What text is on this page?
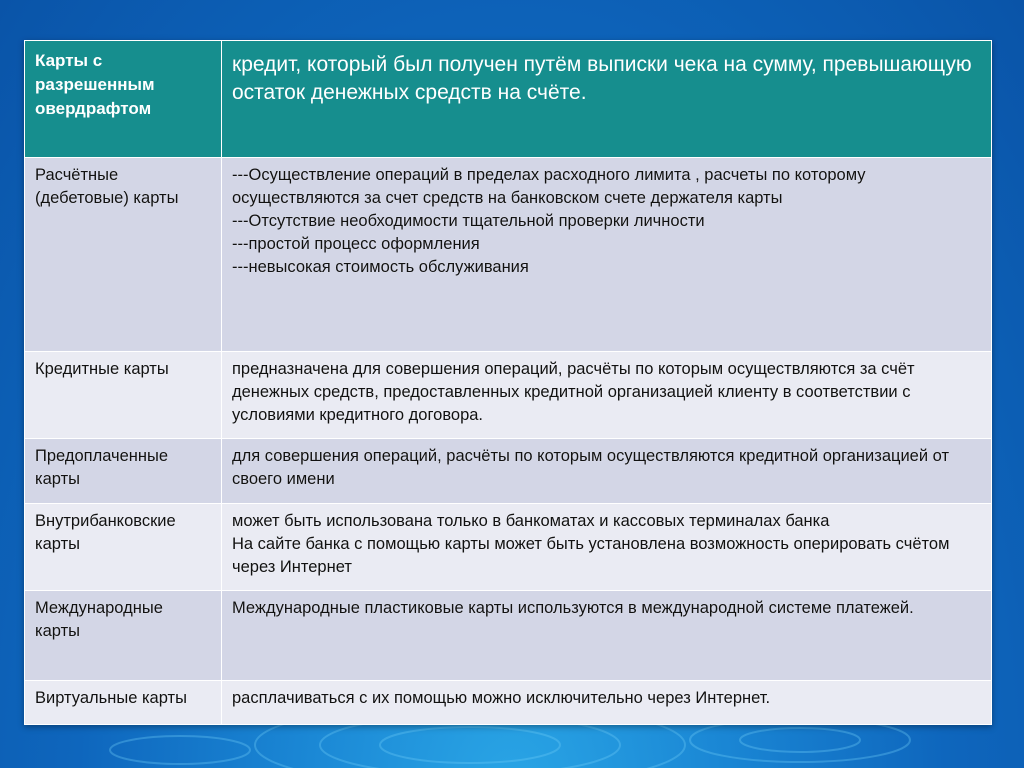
Карты с разрешенным овердрафтом	кредит, который был получен путём выписки чека на сумму, превышающую остаток денежных средств на счёте.
Расчётные (дебетовые) карты	---Осуществление операций в пределах расходного лимита , расчеты по которому осуществляются за счет средств на банковском счете держателя карты
---Отсутствие необходимости тщательной проверки личности
---простой процесс оформления
---невысокая стоимость обслуживания
Кредитные карты	предназначена для совершения операций, расчёты по которым осуществляются за счёт денежных средств, предоставленных кредитной организацией клиенту в соответствии с условиями кредитного договора.
Предоплаченные карты	для совершения операций, расчёты по которым осуществляются кредитной организацией от своего имени
Внутрибанковские карты	может быть использована только в банкоматах и кассовых терминалах банка
На сайте банка с помощью карты может быть установлена возможность оперировать счётом через Интернет
Международные карты	Международные пластиковые карты используются в международной системе платежей.
Виртуальные карты	расплачиваться с их помощью можно исключительно через Интернет.
